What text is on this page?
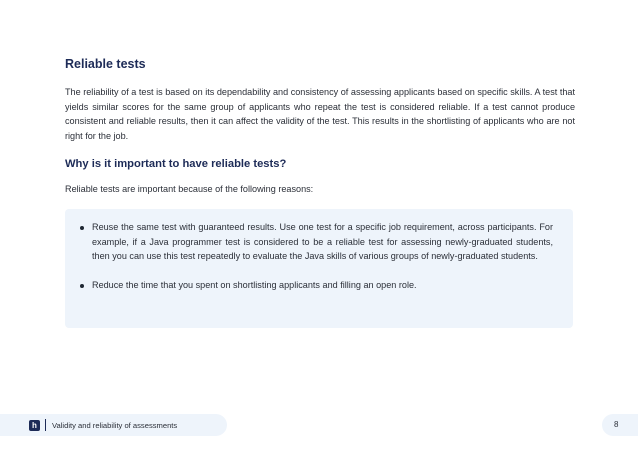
Reliable tests

The reliability of a test is based on its dependability and consistency of assessing applicants based on specific skills. A test that yields similar scores for the same group of applicants who repeat the test is considered reliable. If a test cannot produce consistent and reliable results, then it can affect the validity of the test. This results in the shortlisting of applicants who are not right for the job.

Why is it important to have reliable tests?

Reliable tests are important because of the following reasons:

Reuse the same test with guaranteed results. Use one test for a specific job requirement, across participants. For example, if a Java programmer test is considered to be a reliable test for assessing newly-graduated students, then you can use this test repeatedly to evaluate the Java skills of various groups of newly-graduated students.
Reduce the time that you spent on shortlisting applicants and filling an open role.
h	Validity and reliability of assessments	8
